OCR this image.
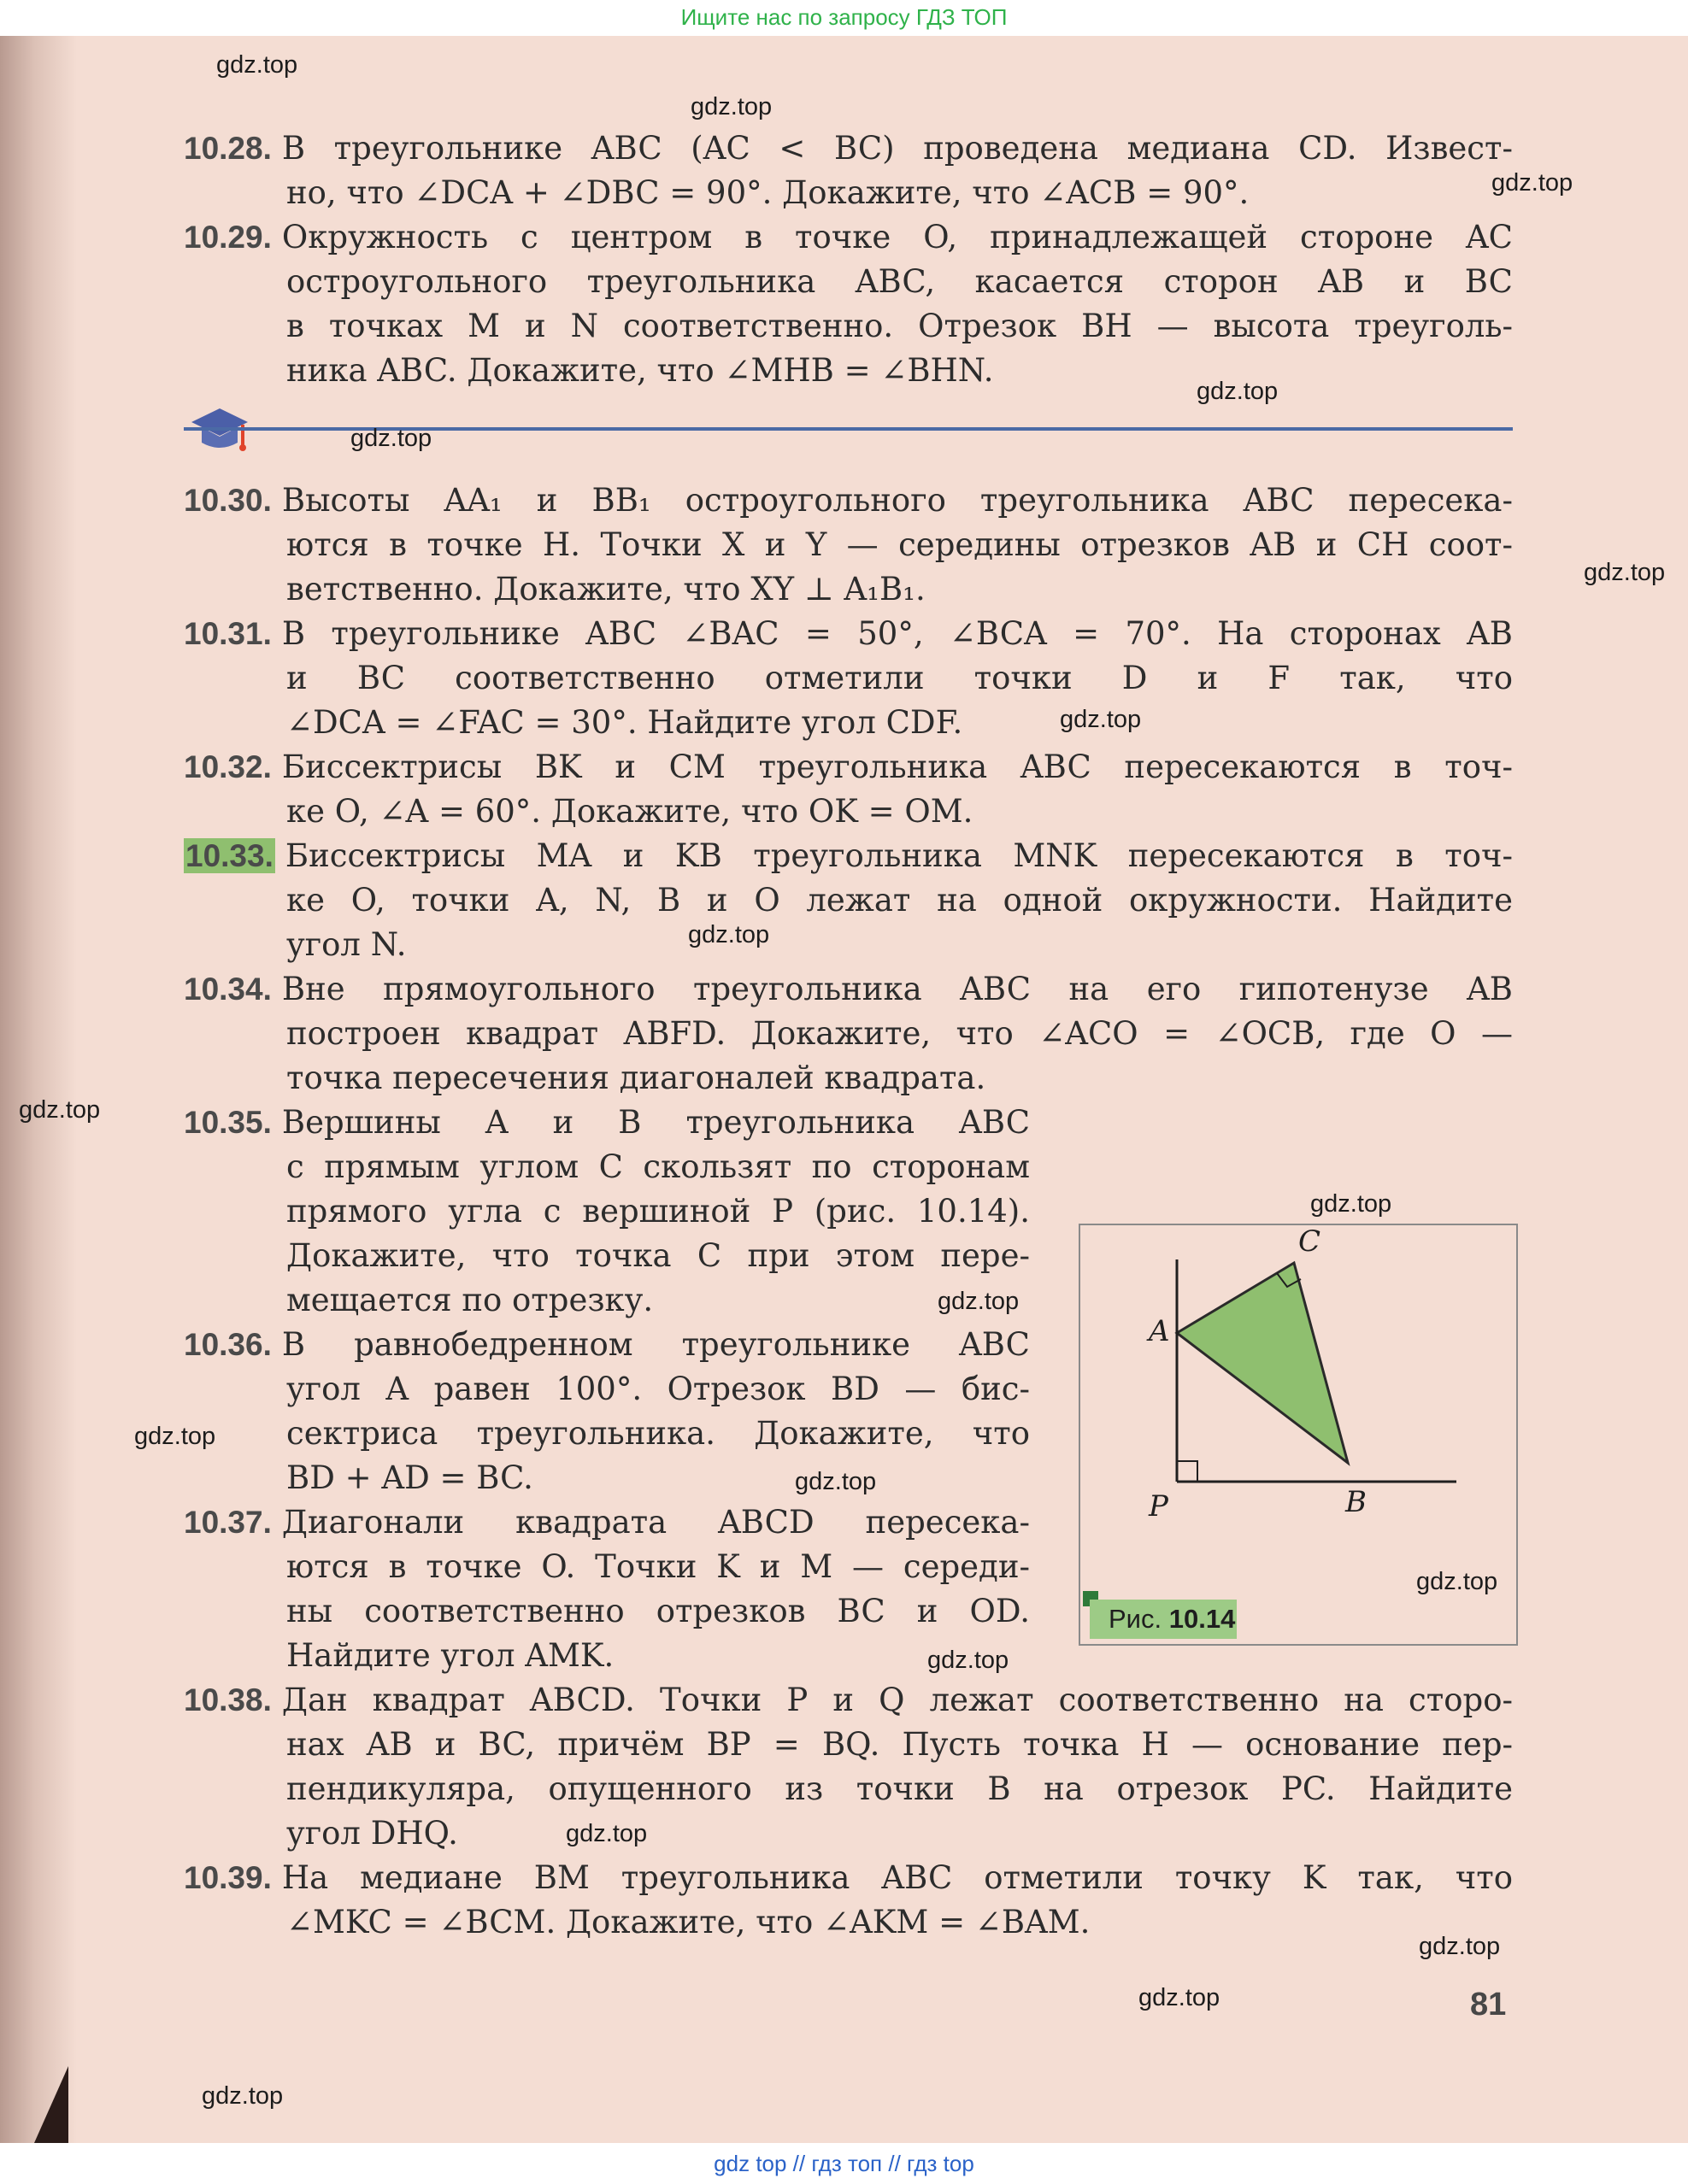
Ищите нас по запросу ГДЗ ТОП
10.28. В треугольнике ABC (AC < BC) проведена медиана CD. Извест-
но, что ∠DCA + ∠DBC = 90°. Докажите, что ∠ACB = 90°.
10.29. Окружность с центром в точке O, принадлежащей стороне AC
остроугольного треугольника ABC, касается сторон AB и BC
в точках M и N соответственно. Отрезок BH — высота треуголь-
ника ABC. Докажите, что ∠MHB = ∠BHN.
10.30. Высоты AA₁ и BB₁ остроугольного треугольника ABC пересека-
ются в точке H. Точки X и Y — середины отрезков AB и CH соот-
ветственно. Докажите, что XY ⊥ A₁B₁.
10.31. В треугольнике ABC ∠BAC = 50°, ∠BCA = 70°. На сторонах AB
и BC соответственно отметили точки D и F так, что
∠DCA = ∠FAC = 30°. Найдите угол CDF.
10.32. Биссектрисы BK и CM треугольника ABC пересекаются в точ-
ке O, ∠A = 60°. Докажите, что OK = OM.
10.33. Биссектрисы MA и KB треугольника MNK пересекаются в точ-
ке O, точки A, N, B и O лежат на одной окружности. Найдите
угол N.
10.34. Вне прямоугольного треугольника ABC на его гипотенузе AB
построен квадрат ABFD. Докажите, что ∠ACO = ∠OCB, где O —
точка пересечения диагоналей квадрата.
10.35. Вершины A и B треугольника ABC
с прямым углом C скользят по сторонам
прямого угла с вершиной P (рис. 10.14).
Докажите, что точка C при этом пере-
мещается по отрезку.
10.36. В равнобедренном треугольнике ABC
угол A равен 100°. Отрезок BD — бис-
сектриса треугольника. Докажите, что
BD + AD = BC.
10.37. Диагонали квадрата ABCD пересека-
ются в точке O. Точки K и M — середи-
ны соответственно отрезков BC и OD.
Найдите угол AMK.
10.38. Дан квадрат ABCD. Точки P и Q лежат соответственно на сторо-
нах AB и BC, причём BP = BQ. Пусть точка H — основание пер-
пендикуляра, опущенного из точки B на отрезок PC. Найдите
угол DHQ.
10.39. На медиане BM треугольника ABC отметили точку K так, что
∠MKC = ∠BCM. Докажите, что ∠AKM = ∠BAM.
A
C
P	B
Рис. 10.14
81
gdz.top
gdz.top
gdz.top
gdz.top
gdz.top
gdz.top
gdz.top
gdz.top
gdz.top
gdz.top
gdz.top
gdz.top
gdz.top
gdz.top
gdz.top
gdz.top
gdz.top
gdz.top
gdz.top
gdz top // гдз топ // гдз top
